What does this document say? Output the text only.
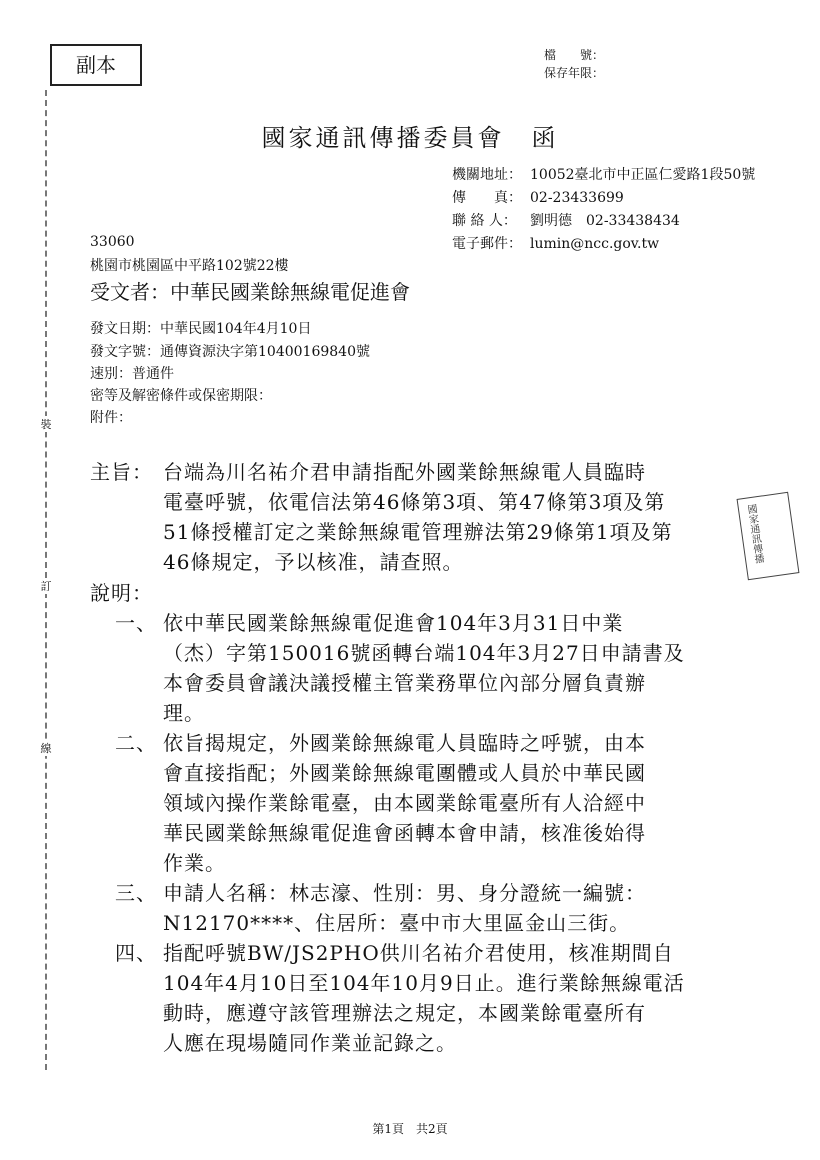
副本	檔　　號：
保存年限：
裝
訂
線
國家通訊傳播委員會　函
機關地址： 10052臺北市中正區仁愛路1段50號
傳　　真： 02-23433699
聯 絡 人： 劉明德　02-33438434
電子郵件： lumin@ncc.gov.tw
33060
桃園市桃園區中平路102號22樓
受文者：中華民國業餘無線電促進會
發文日期：中華民國104年4月10日
發文字號：通傳資源決字第10400169840號
速別：普通件
密等及解密條件或保密期限：
附件：
主旨： 台端為川名祐介君申請指配外國業餘無線電人員臨時
電臺呼號，依電信法第46條第3項、第47條第3項及第
51條授權訂定之業餘無線電管理辦法第29條第1項及第
46條規定，予以核准，請查照。	國家通訊傳播
說明：
一、 依中華民國業餘無線電促進會104年3月31日中業
（杰）字第150016號函轉台端104年3月27日申請書及
本會委員會議決議授權主管業務單位內部分層負責辦
理。
二、 依旨揭規定，外國業餘無線電人員臨時之呼號，由本
會直接指配；外國業餘無線電團體或人員於中華民國
領域內操作業餘電臺，由本國業餘電臺所有人洽經中
華民國業餘無線電促進會函轉本會申請，核准後始得
作業。
三、 申請人名稱：林志濠、性別：男、身分證統一編號：
N12170****、住居所：臺中市大里區金山三街。
四、 指配呼號BW/JS2PHO供川名祐介君使用，核准期間自
104年4月10日至104年10月9日止。進行業餘無線電活
動時，應遵守該管理辦法之規定，本國業餘電臺所有
人應在現場隨同作業並記錄之。
第1頁　共2頁
